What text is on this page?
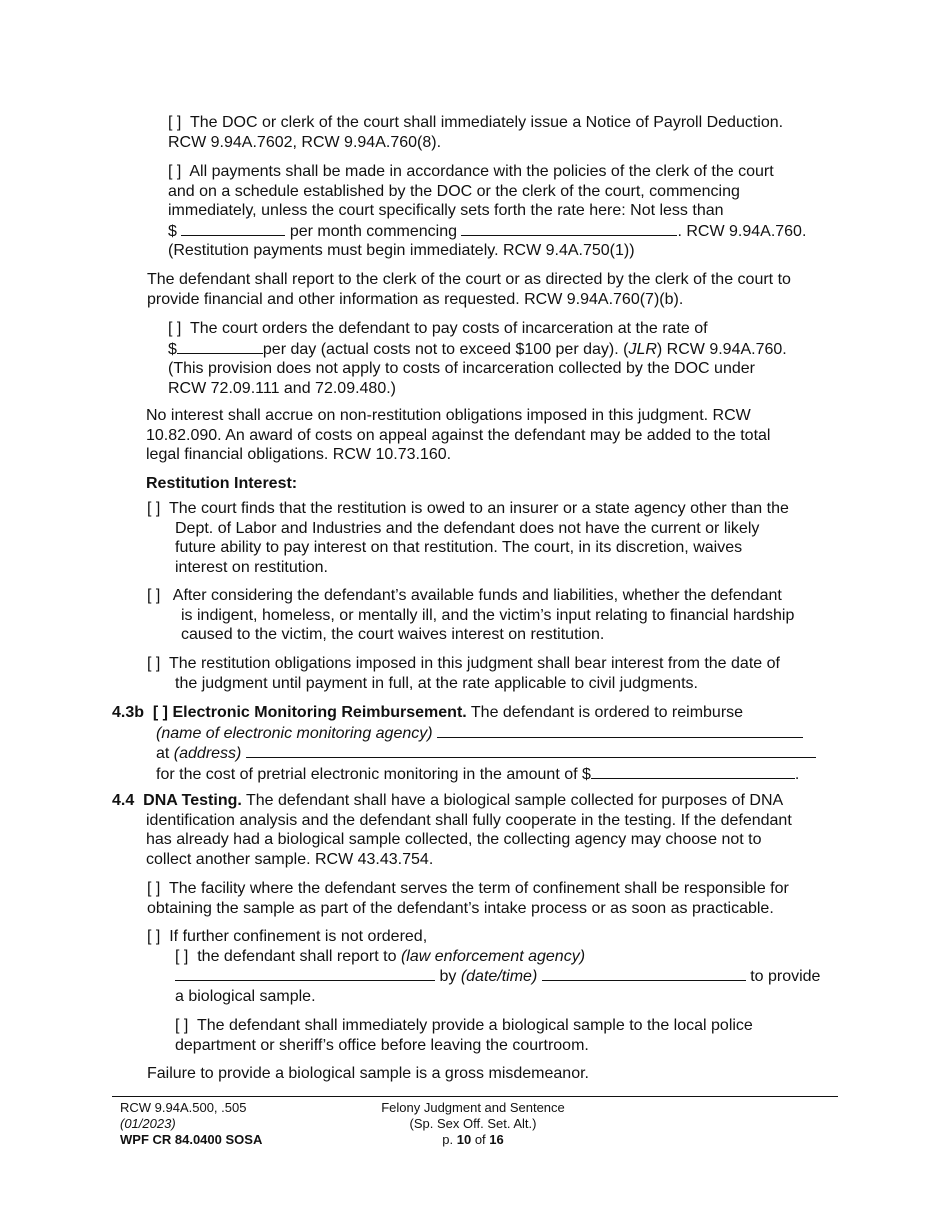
[ ] The DOC or clerk of the court shall immediately issue a Notice of Payroll Deduction.
RCW 9.94A.7602, RCW 9.94A.760(8).
[ ] All payments shall be made in accordance with the policies of the clerk of the court
and on a schedule established by the DOC or the clerk of the court, commencing
immediately, unless the court specifically sets forth the rate here: Not less than
$	per month commencing	. RCW 9.94A.760.
(Restitution payments must begin immediately. RCW 9.4A.750(1))
The defendant shall report to the clerk of the court or as directed by the clerk of the court to
provide financial and other information as requested. RCW 9.94A.760(7)(b).
[ ] The court orders the defendant to pay costs of incarceration at the rate of
$	per day (actual costs not to exceed $100 per day). (JLR) RCW 9.94A.760.
(This provision does not apply to costs of incarceration collected by the DOC under
RCW 72.09.111 and 72.09.480.)
No interest shall accrue on non-restitution obligations imposed in this judgment. RCW
10.82.090. An award of costs on appeal against the defendant may be added to the total
legal financial obligations. RCW 10.73.160.
Restitution Interest:
[ ] The court finds that the restitution is owed to an insurer or a state agency other than the
Dept. of Labor and Industries and the defendant does not have the current or likely
future ability to pay interest on that restitution. The court, in its discretion, waives
interest on restitution.
[ ] After considering the defendant’s available funds and liabilities, whether the defendant
is indigent, homeless, or mentally ill, and the victim’s input relating to financial hardship
caused to the victim, the court waives interest on restitution.
[ ] The restitution obligations imposed in this judgment shall bear interest from the date of
the judgment until payment in full, at the rate applicable to civil judgments.
4.3b [ ] Electronic Monitoring Reimbursement. The defendant is ordered to reimburse
(name of electronic monitoring agency)
at (address)
for the cost of pretrial electronic monitoring in the amount of $	.
4.4 DNA Testing. The defendant shall have a biological sample collected for purposes of DNA
identification analysis and the defendant shall fully cooperate in the testing. If the defendant
has already had a biological sample collected, the collecting agency may choose not to
collect another sample. RCW 43.43.754.
[ ] The facility where the defendant serves the term of confinement shall be responsible for
obtaining the sample as part of the defendant’s intake process or as soon as practicable.
[ ] If further confinement is not ordered,
[ ] the defendant shall report to (law enforcement agency)
by (date/time)	to provide
a biological sample.
[ ] The defendant shall immediately provide a biological sample to the local police
department or sheriff’s office before leaving the courtroom.
Failure to provide a biological sample is a gross misdemeanor.
RCW 9.94A.500, .505
(01/2023)
WPF CR 84.0400 SOSA
Felony Judgment and Sentence
(Sp. Sex Off. Set. Alt.)
p. 10 of 16
